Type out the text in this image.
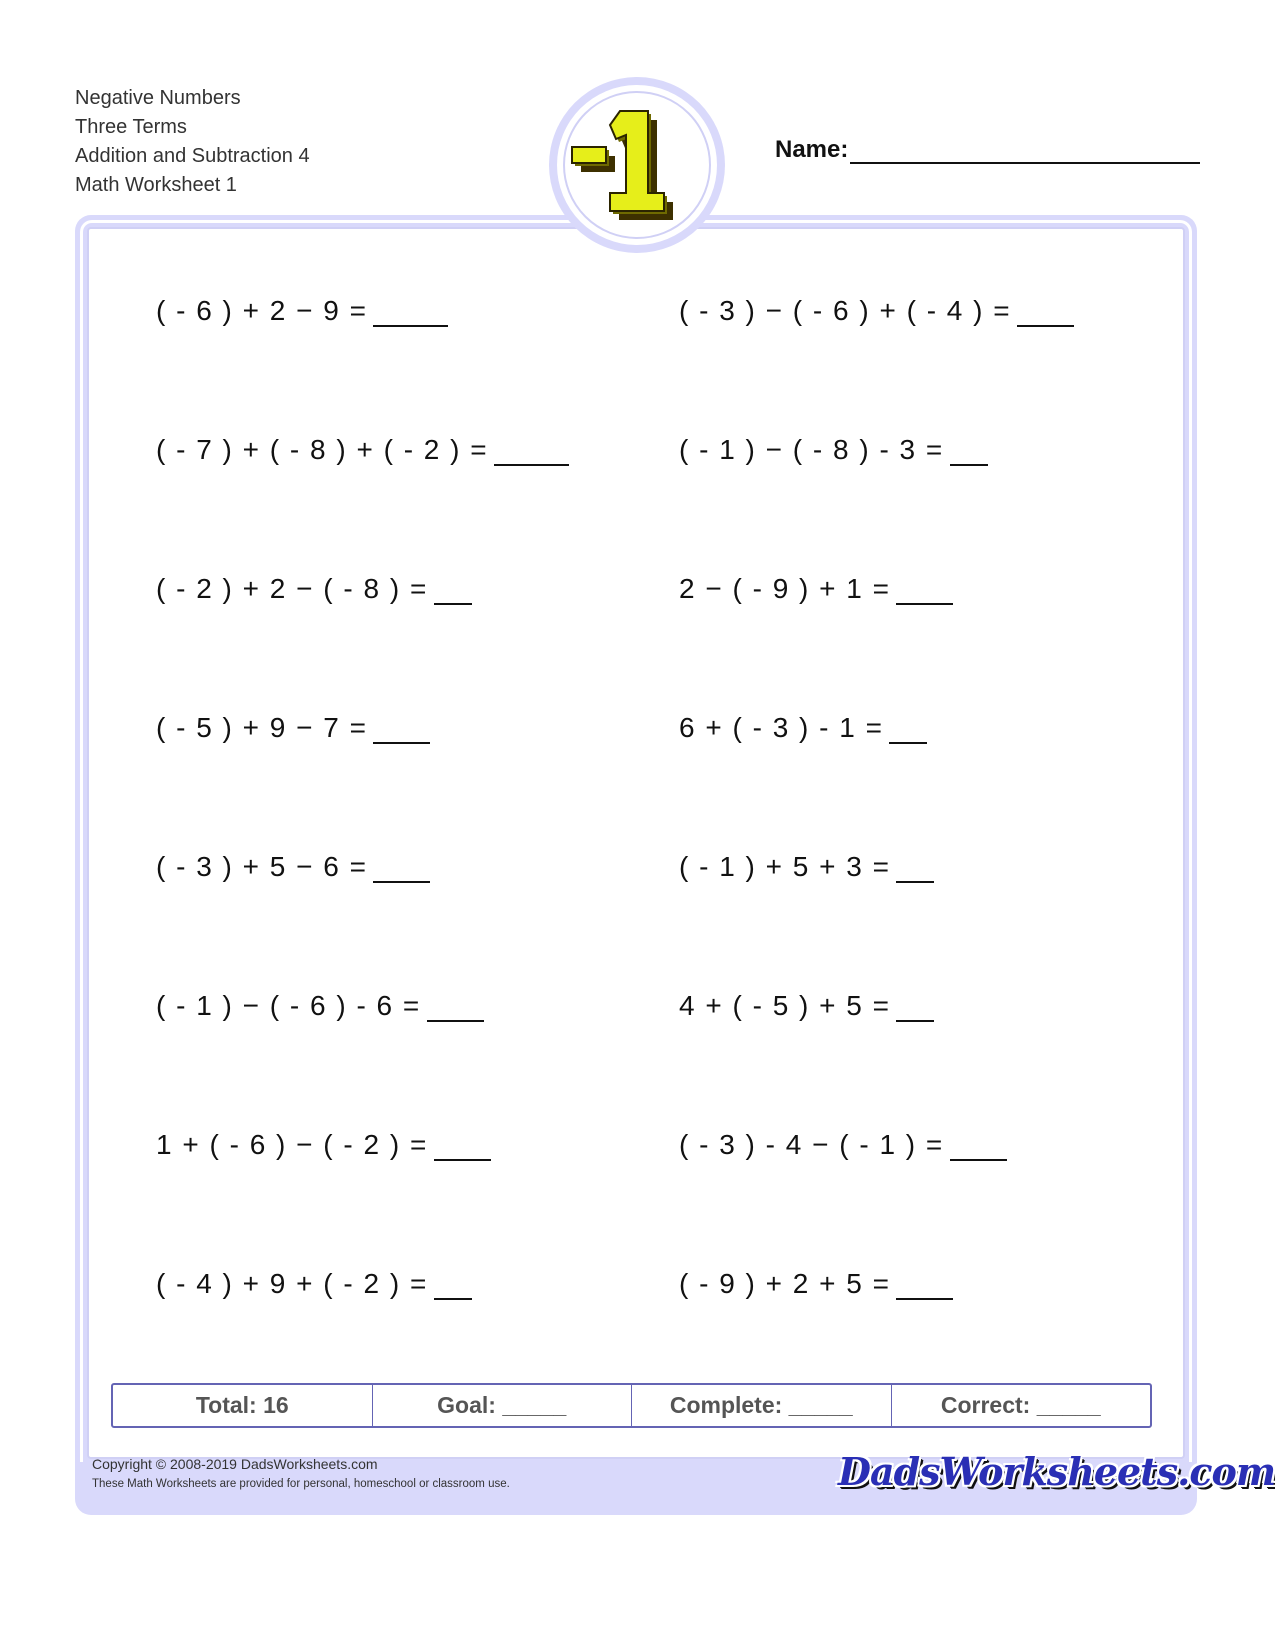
Negative Numbers
Three Terms
Addition and Subtraction 4
Math Worksheet 1
Name:
( - 6 ) + 2 − 9 =
( - 7 ) + ( - 8 ) + ( - 2 ) =
( - 2 ) + 2 − ( - 8 ) =
( - 5 ) + 9 − 7 =
( - 3 ) + 5 − 6 =
( - 1 ) − ( - 6 ) - 6 =
1 + ( - 6 ) − ( - 2 ) =
( - 4 ) + 9 + ( - 2 ) =
( - 3 ) − ( - 6 ) + ( - 4 ) =
( - 1 ) − ( - 8 ) - 3 =
2 − ( - 9 ) + 1 =
6 + ( - 3 ) - 1 =
( - 1 ) + 5 + 3 =
4 + ( - 5 ) + 5 =
( - 3 ) - 4 − ( - 1 ) =
( - 9 ) + 2 + 5 =
Total: 16	Goal: _____	Complete: _____	Correct: _____
Copyright © 2008-2019 DadsWorksheets.com
These Math Worksheets are provided for personal, homeschool or classroom use.	DadsWorksheets.com
